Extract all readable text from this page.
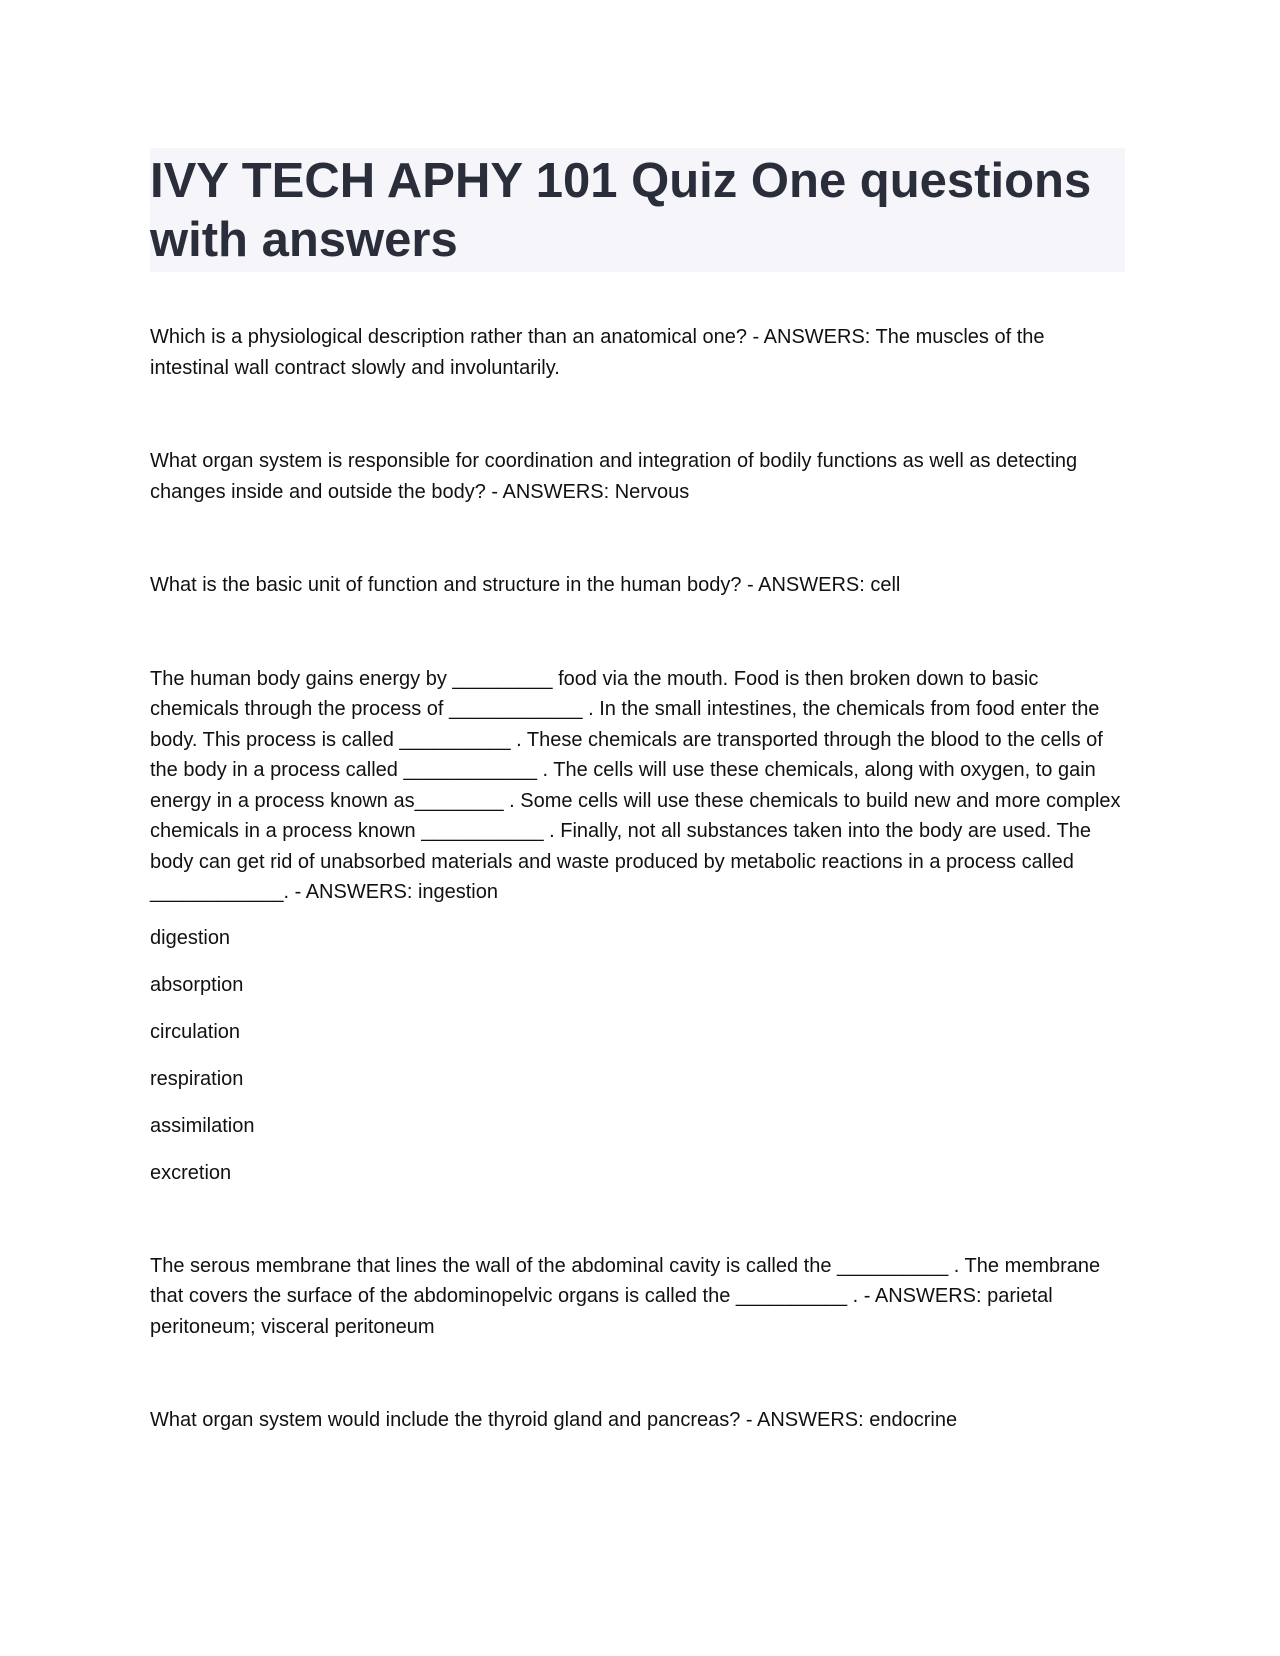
IVY TECH APHY 101 Quiz One questions with answers

Which is a physiological description rather than an anatomical one? - ANSWERS: The muscles of the intestinal wall contract slowly and involuntarily.

What organ system is responsible for coordination and integration of bodily functions as well as detecting changes inside and outside the body? - ANSWERS: Nervous

What is the basic unit of function and structure in the human body? - ANSWERS: cell

The human body gains energy by _________ food via the mouth. Food is then broken down to basic chemicals through the process of ____________ . In the small intestines, the chemicals from food enter the body. This process is called __________ . These chemicals are transported through the blood to the cells of the body in a process called ____________ . The cells will use these chemicals, along with oxygen, to gain energy in a process known as________ . Some cells will use these chemicals to build new and more complex chemicals in a process known ___________ . Finally, not all substances taken into the body are used. The body can get rid of unabsorbed materials and waste produced by metabolic reactions in a process called ____________. - ANSWERS: ingestion

digestion

absorption

circulation

respiration

assimilation

excretion

The serous membrane that lines the wall of the abdominal cavity is called the __________ . The membrane that covers the surface of the abdominopelvic organs is called the __________ . - ANSWERS: parietal peritoneum; visceral peritoneum

What organ system would include the thyroid gland and pancreas? - ANSWERS: endocrine
